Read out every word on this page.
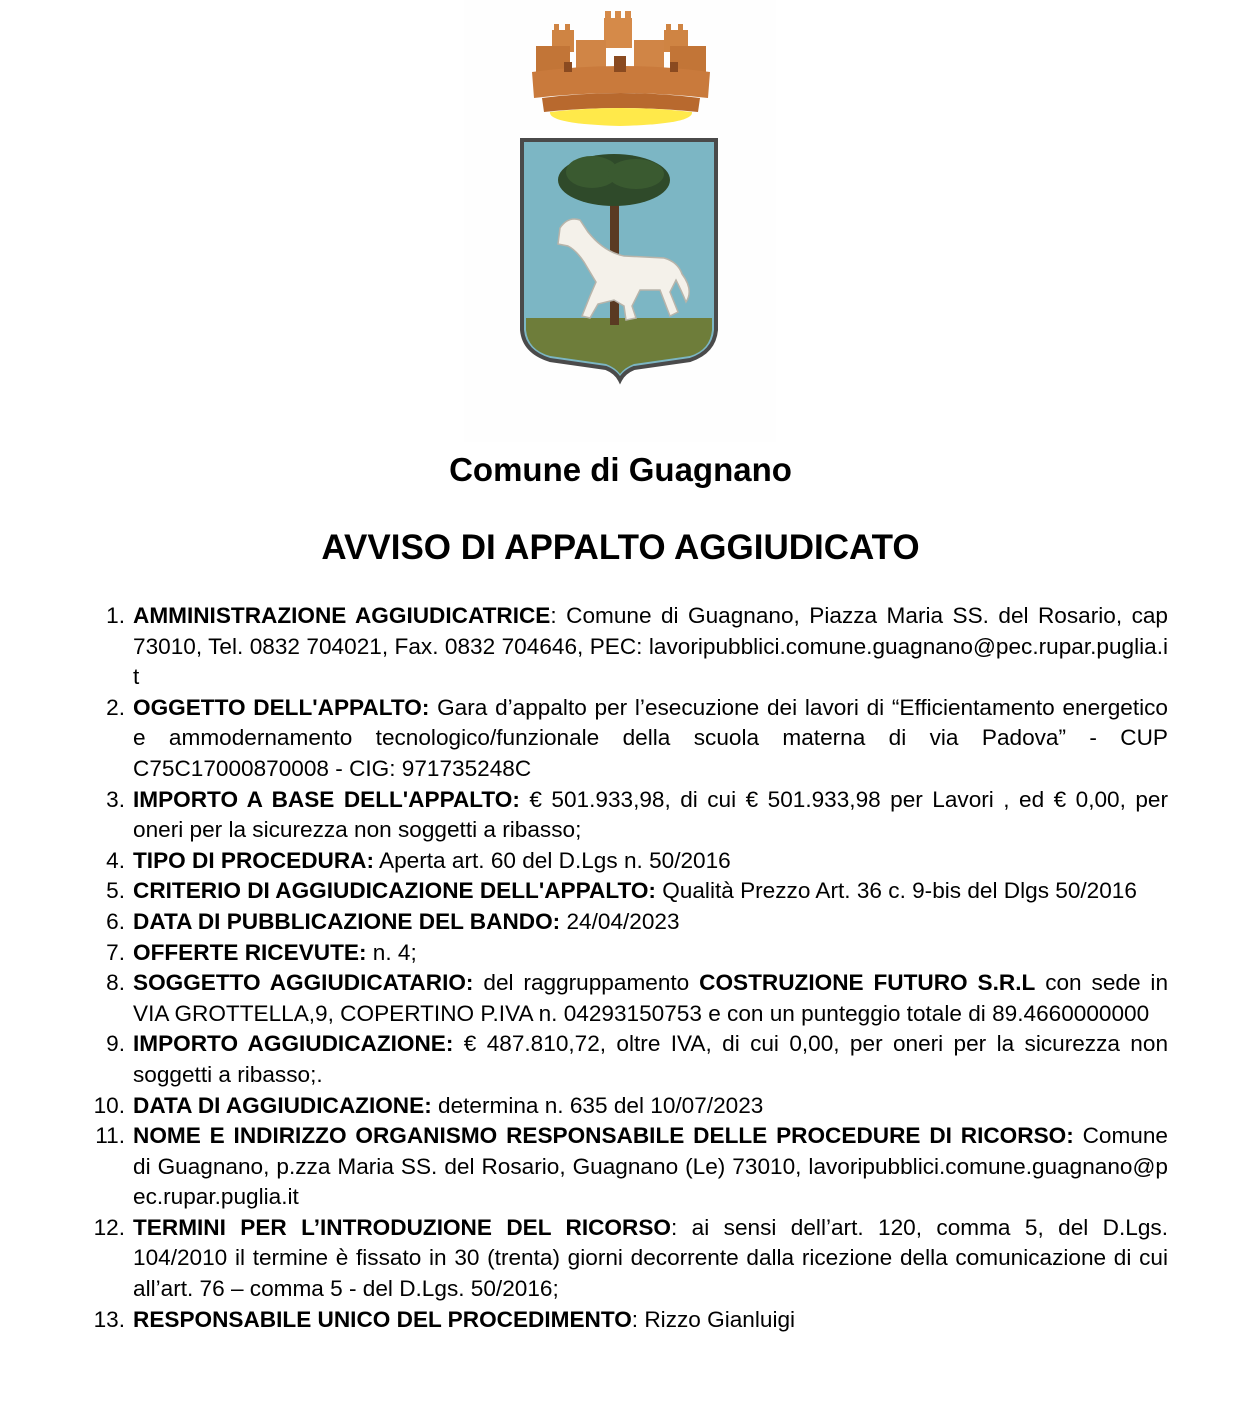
Comune di Guagnano
AVVISO DI APPALTO AGGIUDICATO
1. AMMINISTRAZIONE AGGIUDICATRICE: Comune di Guagnano, Piazza Maria SS. del Rosario, cap 73010, Tel. 0832 704021, Fax. 0832 704646, PEC: lavoripubblici.comune.guagnano@pec.rupar.puglia.it
2. OGGETTO DELL'APPALTO: Gara d’appalto per l’esecuzione dei lavori di “Efficientamento energetico e ammodernamento tecnologico/funzionale della scuola materna di via Padova” - CUP C75C17000870008 - CIG: 971735248C
3. IMPORTO A BASE DELL'APPALTO: € 501.933,98, di cui € 501.933,98 per Lavori , ed € 0,00, per oneri per la sicurezza non soggetti a ribasso;
4. TIPO DI PROCEDURA: Aperta art. 60 del D.Lgs n. 50/2016
5. CRITERIO DI AGGIUDICAZIONE DELL'APPALTO: Qualità Prezzo Art. 36 c. 9-bis del Dlgs 50/2016
6. DATA DI PUBBLICAZIONE DEL BANDO: 24/04/2023
7. OFFERTE RICEVUTE: n. 4;
8. SOGGETTO AGGIUDICATARIO: del raggruppamento COSTRUZIONE FUTURO S.R.L con sede in VIA GROTTELLA,9, COPERTINO P.IVA n. 04293150753 e con un punteggio totale di 89.4660000000
9. IMPORTO AGGIUDICAZIONE: € 487.810,72, oltre IVA, di cui 0,00, per oneri per la sicurezza non soggetti a ribasso;.
10. DATA DI AGGIUDICAZIONE: determina n. 635 del 10/07/2023
11. NOME E INDIRIZZO ORGANISMO RESPONSABILE DELLE PROCEDURE DI RICORSO: Comune di Guagnano, p.zza Maria SS. del Rosario, Guagnano (Le) 73010, lavoripubblici.comune.guagnano@pec.rupar.puglia.it
12. TERMINI PER L’INTRODUZIONE DEL RICORSO: ai sensi dell’art. 120, comma 5, del D.Lgs. 104/2010 il termine è fissato in 30 (trenta) giorni decorrente dalla ricezione della comunicazione di cui all’art. 76 – comma 5 - del D.Lgs. 50/2016;
13. RESPONSABILE UNICO DEL PROCEDIMENTO: Rizzo Gianluigi
